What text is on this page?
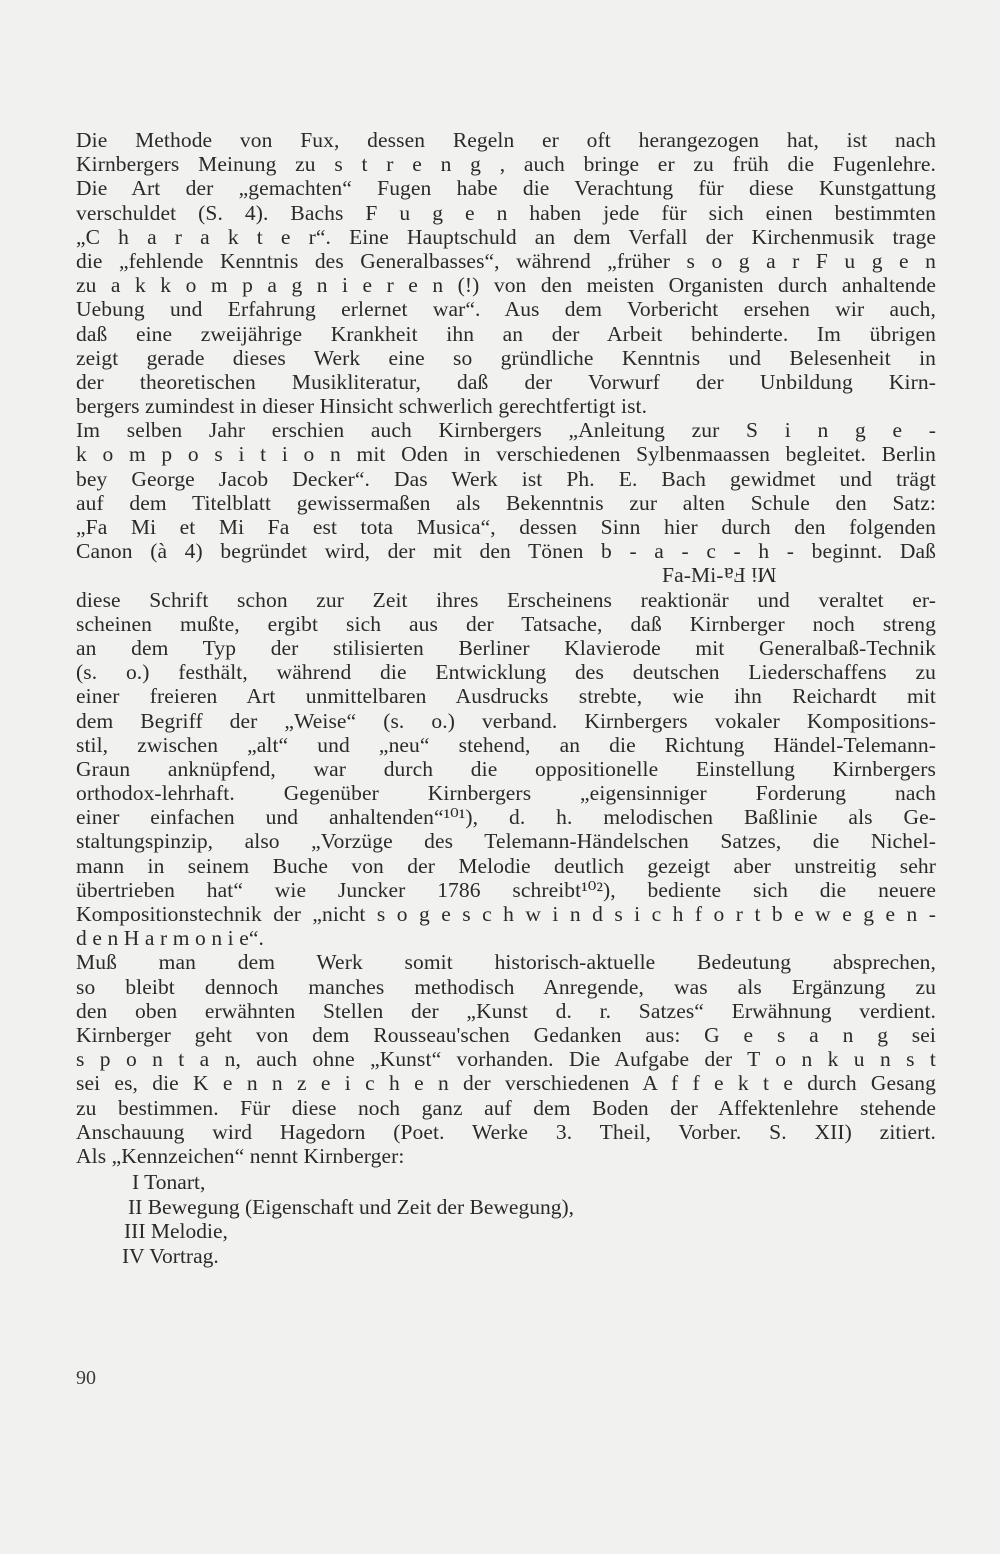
Die Methode von Fux, dessen Regeln er oft herangezogen hat, ist nach
Kirnbergers Meinung zu s t r e n g , auch bringe er zu früh die Fugenlehre.
Die Art der „gemachten“ Fugen habe die Verachtung für diese Kunstgattung
verschuldet (S. 4). Bachs F u g e n haben jede für sich einen bestimmten
„C h a r a k t e r“. Eine Hauptschuld an dem Verfall der Kirchenmusik trage
die „fehlende Kenntnis des Generalbasses“, während „früher s o g a r F u g e n
zu a k k o m p a g n i e r e n (!) von den meisten Organisten durch anhaltende
Uebung und Erfahrung erlernet war“. Aus dem Vorbericht ersehen wir auch,
daß eine zweijährige Krankheit ihn an der Arbeit behinderte. Im übrigen
zeigt gerade dieses Werk eine so gründliche Kenntnis und Belesenheit in
der theoretischen Musikliteratur, daß der Vorwurf der Unbildung Kirn-
bergers zumindest in dieser Hinsicht schwerlich gerechtfertigt ist.
Im selben Jahr erschien auch Kirnbergers „Anleitung zur S i n g e -
k o m p o s i t i o n mit Oden in verschiedenen Sylbenmaassen begleitet. Berlin
bey George Jacob Decker“. Das Werk ist Ph. E. Bach gewidmet und trägt
auf dem Titelblatt gewissermaßen als Bekenntnis zur alten Schule den Satz:
„Fa Mi et Mi Fa est tota Musica“, dessen Sinn hier durch den folgenden
Canon (à 4) begründet wird, der mit den Tönen b - a - c - h - beginnt. Daß
Fa-Mi-Mi Fa
diese Schrift schon zur Zeit ihres Erscheinens reaktionär und veraltet er-
scheinen mußte, ergibt sich aus der Tatsache, daß Kirnberger noch streng
an dem Typ der stilisierten Berliner Klavierode mit Generalbaß-Technik
(s. o.) festhält, während die Entwicklung des deutschen Liederschaffens zu
einer freieren Art unmittelbaren Ausdrucks strebte, wie ihn Reichardt mit
dem Begriff der „Weise“ (s. o.) verband. Kirnbergers vokaler Kompositions-
stil, zwischen „alt“ und „neu“ stehend, an die Richtung Händel-Telemann-
Graun anknüpfend, war durch die oppositionelle Einstellung Kirnbergers
orthodox-lehrhaft. Gegenüber Kirnbergers „eigensinniger Forderung nach
einer einfachen und anhaltenden“¹⁰¹), d. h. melodischen Baßlinie als Ge-
staltungspinzip, also „Vorzüge des Telemann-Händelschen Satzes, die Nichel-
mann in seinem Buche von der Melodie deutlich gezeigt aber unstreitig sehr
übertrieben hat“ wie Juncker 1786 schreibt¹⁰²), bediente sich die neuere
Kompositionstechnik der „nicht s o g e s c h w i n d s i c h f o r t b e w e g e n -
d e n H a r m o n i e“.
Muß man dem Werk somit historisch-aktuelle Bedeutung absprechen,
so bleibt dennoch manches methodisch Anregende, was als Ergänzung zu
den oben erwähnten Stellen der „Kunst d. r. Satzes“ Erwähnung verdient.
Kirnberger geht von dem Rousseau'schen Gedanken aus: G e s a n g sei
s p o n t a n, auch ohne „Kunst“ vorhanden. Die Aufgabe der T o n k u n s t
sei es, die K e n n z e i c h e n der verschiedenen A f f e k t e durch Gesang
zu bestimmen. Für diese noch ganz auf dem Boden der Affektenlehre stehende
Anschauung wird Hagedorn (Poet. Werke 3. Theil, Vorber. S. XII) zitiert.
Als „Kennzeichen“ nennt Kirnberger:
I Tonart,
II Bewegung (Eigenschaft und Zeit der Bewegung),
III Melodie,
IV Vortrag.
90
